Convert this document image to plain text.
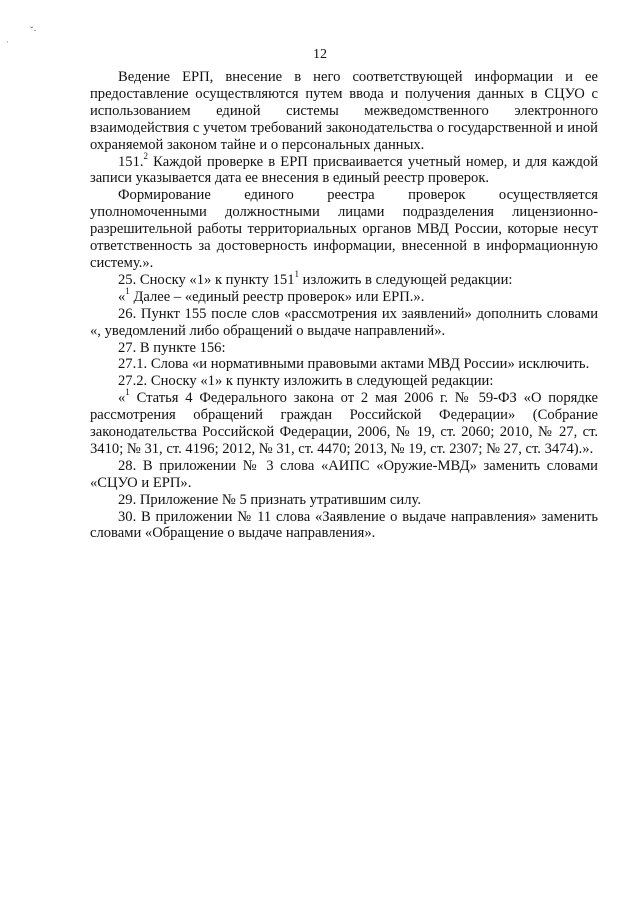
ˇ·
·
12

Ведение ЕРП, внесение в него соответствующей информации и ее предоставление осуществляются путем ввода и получения данных в СЦУО с использованием единой системы межведомственного электронного взаимодействия с учетом требований законодательства о государственной и иной охраняемой законом тайне и о персональных данных.

151.$^2$ Каждой проверке в ЕРП присваивается учетный номер, и для каждой записи указывается дата ее внесения в единый реестр проверок.

Формирование единого реестра проверок осуществляется уполномоченными должностными лицами подразделения лицензионно-разрешительной работы территориальных органов МВД России, которые несут ответственность за достоверность информации, внесенной в информационную систему.».

25. Сноску «1» к пункту $151^1$ изложить в следующей редакции:

«$^1$ Далее – «единый реестр проверок» или ЕРП.».

26. Пункт 155 после слов «рассмотрения их заявлений» дополнить словами «, уведомлений либо обращений о выдаче направлений».

27. В пункте 156:

27.1. Слова «и нормативными правовыми актами МВД России» исключить.

27.2. Сноску «1» к пункту изложить в следующей редакции:

«$^1$ Статья 4 Федерального закона от 2 мая 2006 г. № 59-ФЗ «О порядке рассмотрения обращений граждан Российской Федерации» (Собрание законодательства Российской Федерации, 2006, № 19, ст. 2060; 2010, № 27, ст. 3410; № 31, ст. 4196; 2012, № 31, ст. 4470; 2013, № 19, ст. 2307; № 27, ст. 3474).».

28. В приложении № 3 слова «АИПС «Оружие-МВД» заменить словами «СЦУО и ЕРП».

29. Приложение № 5 признать утратившим силу.

30. В приложении № 11 слова «Заявление о выдаче направления» заменить словами «Обращение о выдаче направления».
